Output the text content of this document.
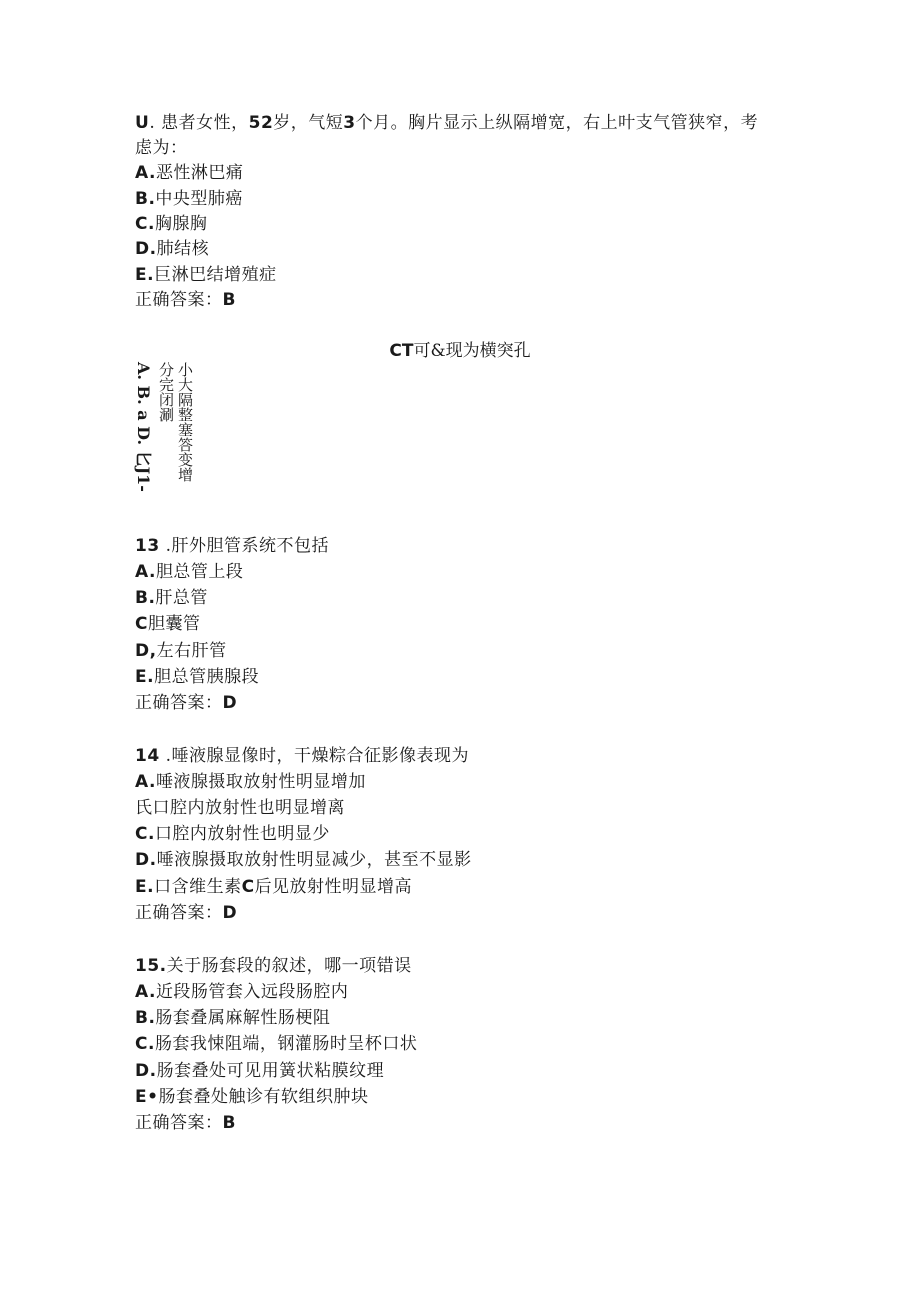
U. 患者女性，52岁，气短3个月。胸片显示上纵隔增宽，右上叶支气管狭窄，考
虑为：
A.恶性淋巴痛
B.中央型肺癌
C.胸腺胸
D.肺结核
E.巨淋巴结增殖症
正确答案：B
CT可&现为横突孔
A. B. a D. 匕J1- 分完闭涮 小大隔整塞答变增
13 .肝外胆管系统不包括
A.胆总管上段
B.肝总管
C胆囊管
D,左右肝管
E.胆总管胰腺段
正确答案：D
14 .唾液腺显像时，干燥粽合征影像表现为
A.唾液腺摄取放射性明显增加
氏口腔内放射性也明显增离
C.口腔内放射性也明显少
D.唾液腺摄取放射性明显减少，甚至不显影
E.口含维生素C后见放射性明显增高
正确答案：D
15.关于肠套段的叙述，哪一项错误
A.近段肠管套入远段肠腔内
B.肠套叠属麻解性肠梗阻
C.肠套我悚阻端，钢灌肠时呈杯口状
D.肠套叠处可见用簧状粘膜纹理
E•肠套叠处触诊有软组织肿块
正确答案：B
